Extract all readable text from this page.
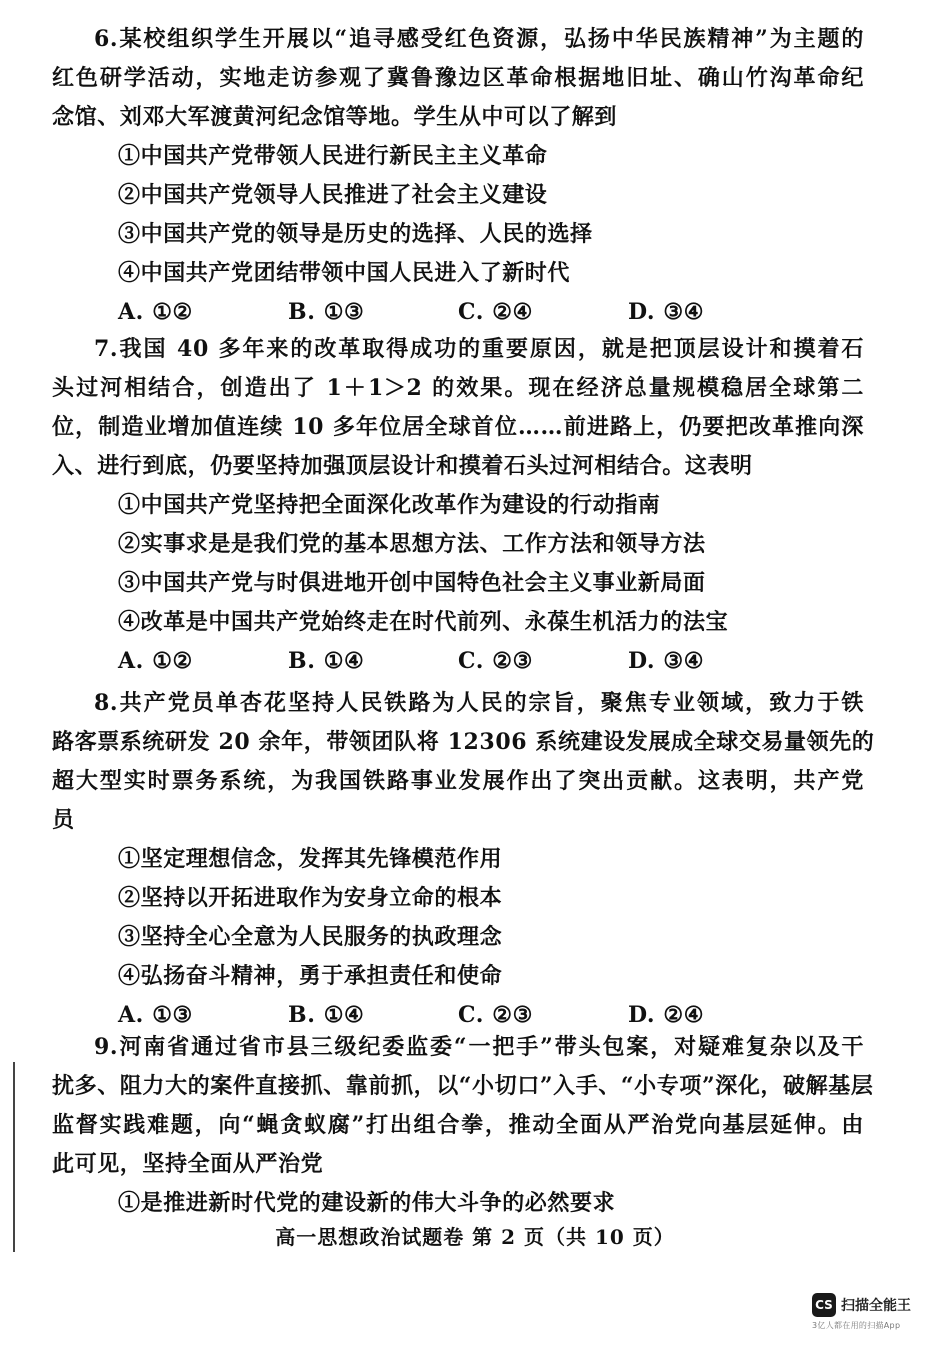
6.某校组织学生开展以“追寻感受红色资源，弘扬中华民族精神”为主题的
红色研学活动，实地走访参观了冀鲁豫边区革命根据地旧址、确山竹沟革命纪
念馆、刘邓大军渡黄河纪念馆等地。学生从中可以了解到
①中国共产党带领人民进行新民主主义革命
②中国共产党领导人民推进了社会主义建设
③中国共产党的领导是历史的选择、人民的选择
④中国共产党团结带领中国人民进入了新时代
A. ①②	B. ①③	C. ②④	D. ③④
7.我国 40 多年来的改革取得成功的重要原因，就是把顶层设计和摸着石
头过河相结合，创造出了 1＋1＞2 的效果。现在经济总量规模稳居全球第二
位，制造业增加值连续 10 多年位居全球首位……前进路上，仍要把改革推向深
入、进行到底，仍要坚持加强顶层设计和摸着石头过河相结合。这表明
①中国共产党坚持把全面深化改革作为建设的行动指南
②实事求是是我们党的基本思想方法、工作方法和领导方法
③中国共产党与时俱进地开创中国特色社会主义事业新局面
④改革是中国共产党始终走在时代前列、永葆生机活力的法宝
A. ①②	B. ①④	C. ②③	D. ③④
8.共产党员单杏花坚持人民铁路为人民的宗旨，聚焦专业领域，致力于铁
路客票系统研发 20 余年，带领团队将 12306 系统建设发展成全球交易量领先的
超大型实时票务系统，为我国铁路事业发展作出了突出贡献。这表明，共产党
员
①坚定理想信念，发挥其先锋模范作用
②坚持以开拓进取作为安身立命的根本
③坚持全心全意为人民服务的执政理念
④弘扬奋斗精神，勇于承担责任和使命
A. ①③	B. ①④	C. ②③	D. ②④
9.河南省通过省市县三级纪委监委“一把手”带头包案，对疑难复杂以及干
扰多、阻力大的案件直接抓、靠前抓，以“小切口”入手、“小专项”深化，破解基层
监督实践难题，向“蝇贪蚁腐”打出组合拳，推动全面从严治党向基层延伸。由
此可见，坚持全面从严治党
①是推进新时代党的建设新的伟大斗争的必然要求
高一思想政治试题卷 第 2 页（共 10 页）
CS 扫描全能王
3亿人都在用的扫描App
